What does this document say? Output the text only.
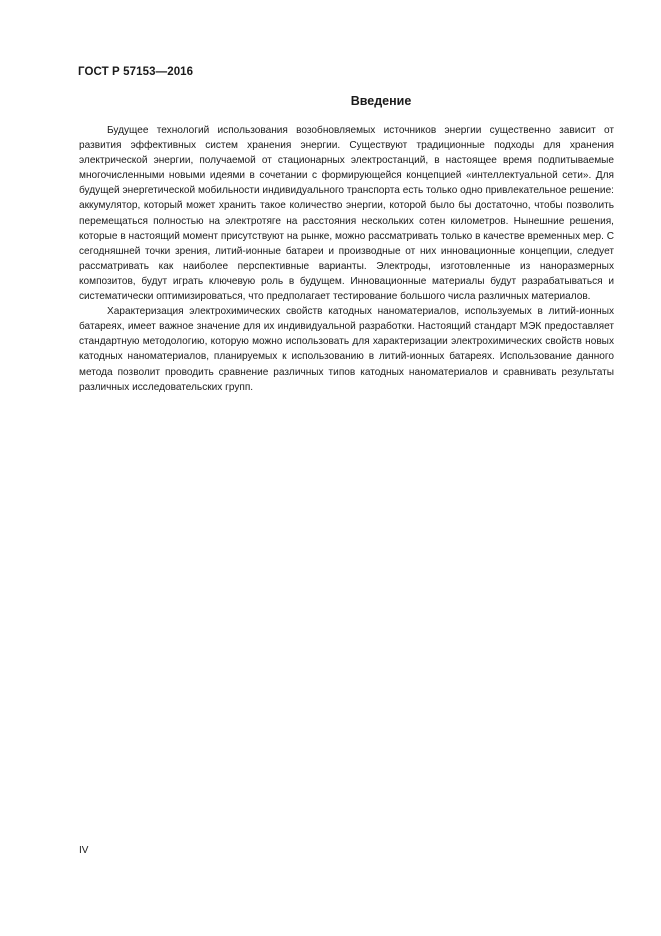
ГОСТ Р 57153—2016
Введение

Будущее технологий использования возобновляемых источников энергии существенно зависит от развития эффективных систем хранения энергии. Существуют традиционные подходы для хранения электрической энергии, получаемой от стационарных электростанций, в настоящее время подпитываемые многочисленными новыми идеями в сочетании с формирующейся концепцией «интеллектуальной сети». Для будущей энергетической мобильности индивидуального транспорта есть только одно привлекательное решение: аккумулятор, который может хранить такое количество энергии, которой было бы достаточно, чтобы позволить перемещаться полностью на электротяге на расстояния нескольких сотен километров. Нынешние решения, которые в настоящий момент присутствуют на рынке, можно рассматривать только в качестве временных мер. С сегодняшней точки зрения, литий-ионные батареи и производные от них инновационные концепции, следует рассматривать как наиболее перспективные варианты. Электроды, изготовленные из наноразмерных композитов, будут играть ключевую роль в будущем. Инновационные материалы будут разрабатываться и систематически оптимизироваться, что предполагает тестирование большого числа различных материалов.

Характеризация электрохимических свойств катодных наноматериалов, используемых в литий-ионных батареях, имеет важное значение для их индивидуальной разработки. Настоящий стандарт МЭК предоставляет стандартную методологию, которую можно использовать для характеризации электрохимических свойств новых катодных наноматериалов, планируемых к использованию в литий-ионных батареях. Использование данного метода позволит проводить сравнение различных типов катодных наноматериалов и сравнивать результаты различных исследовательских групп.

IV
